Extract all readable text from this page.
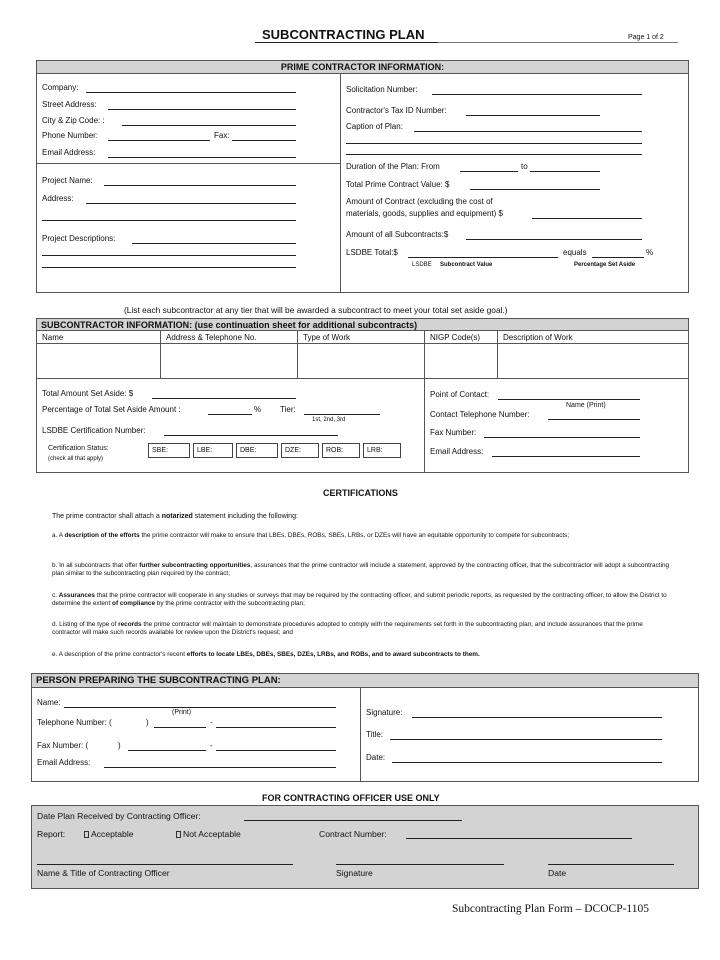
SUBCONTRACTING PLAN	Page 1 of 2
PRIME CONTRACTOR INFORMATION:
Company:
Street Address:
City & Zip Code: :
Phone Number:	Fax:
Email Address:
Project Name:
Address:
Project Descriptions:
Solicitation Number:
Contractor's Tax ID Number:
Caption of Plan:
Duration of the Plan: From	to
Total Prime Contract Value: $
Amount of Contract (excluding the cost of
materials, goods, supplies and equipment) $
Amount of all Subcontracts:$
LSDBE Total:$	equals	%
LSDBE Subcontract Value	Percentage Set Aside
(List each subcontractor at any tier that will be awarded a subcontract to meet your total set aside goal.)
SUBCONTRACTOR INFORMATION: (use continuation sheet for additional subcontracts)
Name	Address & Telephone No.	Type of Work	NIGP Code(s)	Description of Work
Total Amount Set Aside: $
Percentage of Total Set Aside Amount :	% Tier:
1st, 2nd, 3rd
LSDBE Certification Number:
Certification Status:
(check all that apply)
SBE:	LBE:	DBE:	DZE:	ROB:	LRB:
Point of Contact:
Name (Print)
Contact Telephone Number:
Fax Number:
Email Address:
CERTIFICATIONS
The prime contractor shall attach a notarized statement including the following:
a. A description of the efforts the prime contractor will make to ensure that LBEs, DBEs, ROBs, SBEs, LRBs, or DZEs will have an equitable opportunity to compete for subcontracts;
b. In all subcontracts that offer further subcontracting opportunities, assurances that the prime contractor will include a statement, approved by the contracting officer, that the subcontractor will adopt a subcontracting plan similar to the subcontracting plan required by the contract;
c. Assurances that the prime contractor will cooperate in any studies or surveys that may be required by the contracting officer, and submit periodic reports, as requested by the contracting officer, to allow the District to determine the extent of compliance by the prime contractor with the subcontracting plan;
d. Listing of the type of records the prime contractor will maintain to demonstrate procedures adopted to comply with the requirements set forth in the subcontracting plan, and include assurances that the prime contractor will make such records available for review upon the District's request; and
e. A description of the prime contractor's recent efforts to locate LBEs, DBEs, SBEs, DZEs, LRBs, and ROBs, and to award subcontracts to them.
PERSON PREPARING THE SUBCONTRACTING PLAN:
Name:
(Print)
Telephone Number: (	)	-
Fax Number: (	)	-
Email Address:
Signature:
Title:
Date:
FOR CONTRACTING OFFICER USE ONLY
Date Plan Received by Contracting Officer:
Report:	Acceptable	Not Acceptable	Contract Number:
Name & Title of Contracting Officer	Signature	Date
Subcontracting Plan Form – DCOCP-1105
